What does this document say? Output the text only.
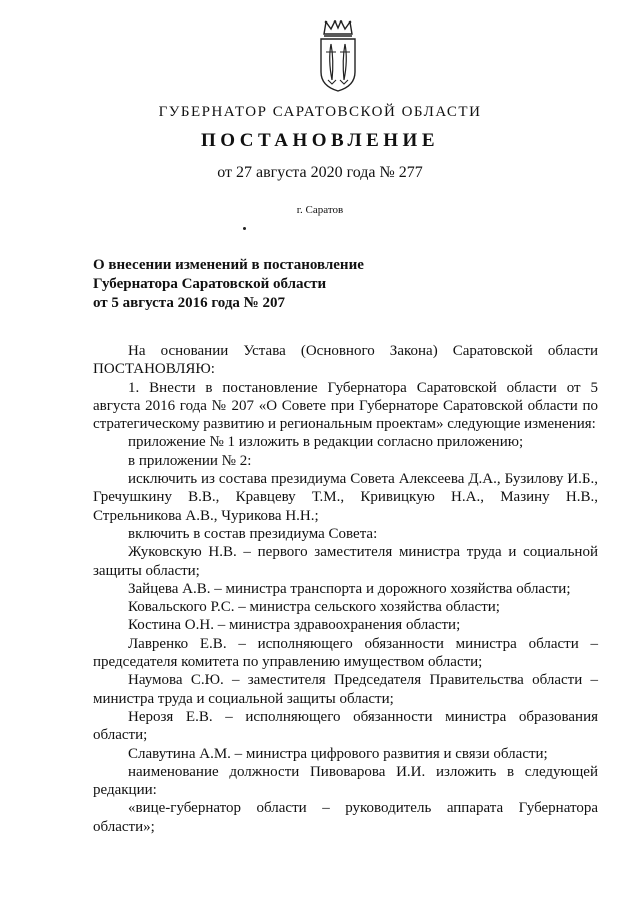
ГУБЕРНАТОР САРАТОВСКОЙ ОБЛАСТИ
ПОСТАНОВЛЕНИЕ
от 27 августа 2020 года № 277
г. Саратов
О внесении изменений в постановление
Губернатора Саратовской области
от 5 августа 2016 года № 207

На основании Устава (Основного Закона) Саратовской области ПОСТАНОВЛЯЮ:

1. Внести в постановление Губернатора Саратовской области от 5 августа 2016 года № 207 «О Совете при Губернаторе Саратовской области по стратегическому развитию и региональным проектам» следующие изменения:

приложение № 1 изложить в редакции согласно приложению;

в приложении № 2:

исключить из состава президиума Совета Алексеева Д.А., Бузилову И.Б., Гречушкину В.В., Кравцеву Т.М., Кривицкую Н.А., Мазину Н.В., Стрельникова А.В., Чурикова Н.Н.;

включить в состав президиума Совета:

Жуковскую Н.В. – первого заместителя министра труда и социальной защиты области;

Зайцева А.В. – министра транспорта и дорожного хозяйства области;

Ковальского Р.С. – министра сельского хозяйства области;

Костина О.Н. – министра здравоохранения области;

Лавренко Е.В. – исполняющего обязанности министра области – председателя комитета по управлению имуществом области;

Наумова С.Ю. – заместителя Председателя Правительства области – министра труда и социальной защиты области;

Нерозя Е.В. – исполняющего обязанности министра образования области;

Славутина А.М. – министра цифрового развития и связи области;

наименование должности Пивоварова И.И. изложить в следующей редакции:

«вице-губернатор области – руководитель аппарата Губернатора области»;
